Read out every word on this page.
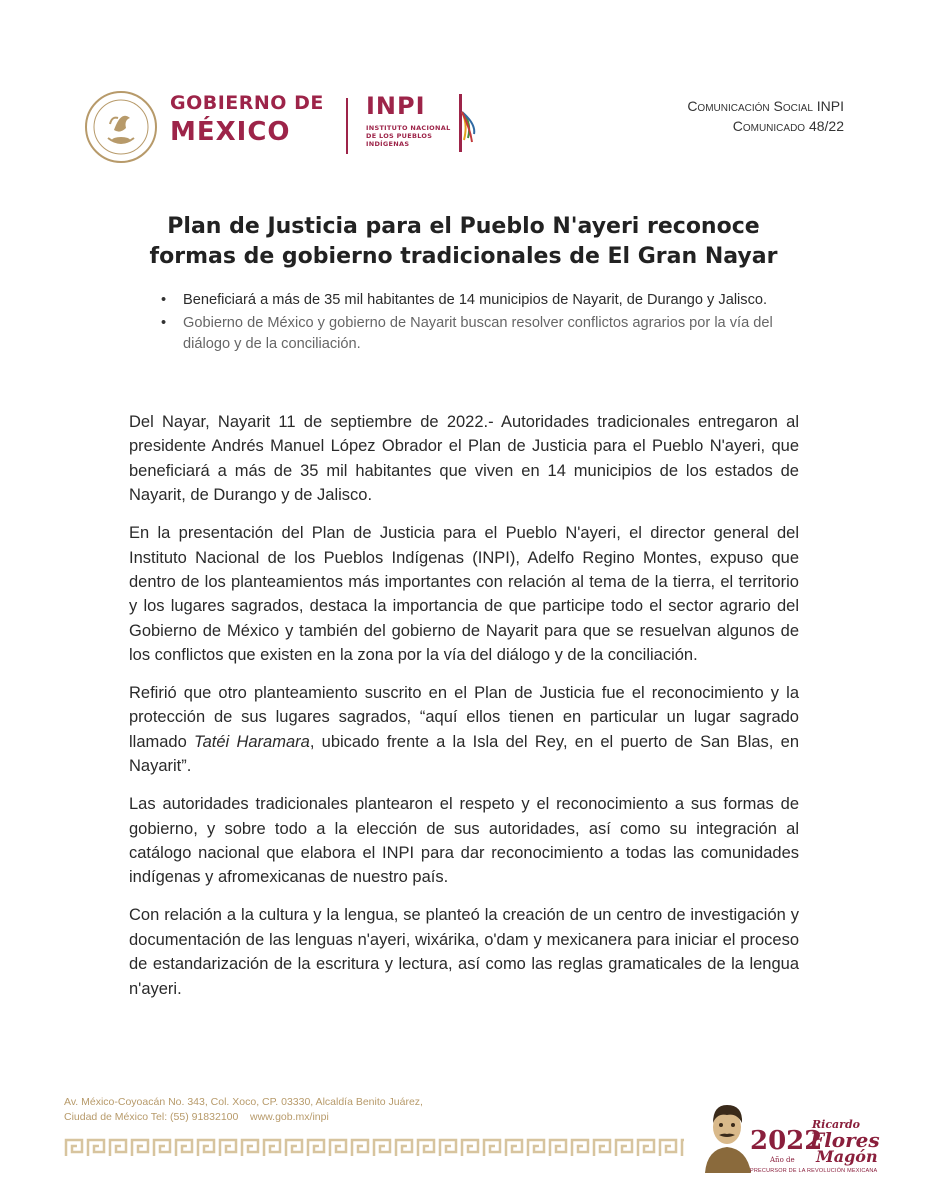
GOBIERNO DE
MÉXICO
INPI
INSTITUTO NACIONAL
DE LOS PUEBLOS
INDÍGENAS
Comunicación Social INPI
Comunicado 48/22
Plan de Justicia para el Pueblo N'ayeri reconoce
formas de gobierno tradicionales de El Gran Nayar
• Beneficiará a más de 35 mil habitantes de 14 municipios de Nayarit, de Durango y Jalisco.
• Gobierno de México y gobierno de Nayarit buscan resolver conflictos agrarios por la vía del diálogo y de la conciliación.

Del Nayar, Nayarit 11 de septiembre de 2022.- Autoridades tradicionales entregaron al presidente Andrés Manuel López Obrador el Plan de Justicia para el Pueblo N'ayeri, que beneficiará a más de 35 mil habitantes que viven en 14 municipios de los estados de Nayarit, de Durango y de Jalisco.

En la presentación del Plan de Justicia para el Pueblo N'ayeri, el director general del Instituto Nacional de los Pueblos Indígenas (INPI), Adelfo Regino Montes, expuso que dentro de los planteamientos más importantes con relación al tema de la tierra, el territorio y los lugares sagrados, destaca la importancia de que participe todo el sector agrario del Gobierno de México y también del gobierno de Nayarit para que se resuelvan algunos de los conflictos que existen en la zona por la vía del diálogo y de la conciliación.

Refirió que otro planteamiento suscrito en el Plan de Justicia fue el reconocimiento y la protección de sus lugares sagrados, “aquí ellos tienen en particular un lugar sagrado llamado Tatéi Haramara, ubicado frente a la Isla del Rey, en el puerto de San Blas, en Nayarit”.

Las autoridades tradicionales plantearon el respeto y el reconocimiento a sus formas de gobierno, y sobre todo a la elección de sus autoridades, así como su integración al catálogo nacional que elabora el INPI para dar reconocimiento a todas las comunidades indígenas y afromexicanas de nuestro país.

Con relación a la cultura y la lengua, se planteó la creación de un centro de investigación y documentación de las lenguas n'ayeri, wixárika, o'dam y mexicanera para iniciar el proceso de estandarización de la escritura y lectura, así como las reglas gramaticales de la lengua n'ayeri.

Av. México-Coyoacán No. 343, Col. Xoco, CP. 03330, Alcaldía Benito Juárez,
Ciudad de México Tel: (55) 91832100    www.gob.mx/inpi
2022
Año de
Ricardo
Flores
Magón
PRECURSOR DE LA REVOLUCIÓN MEXICANA
